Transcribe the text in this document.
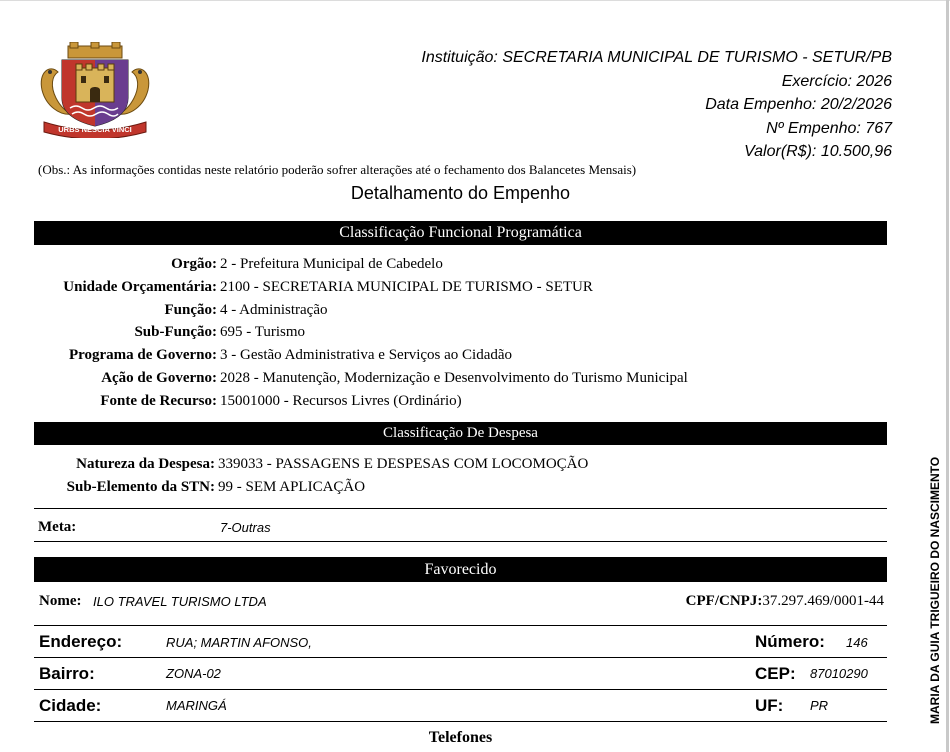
URBS NESCIA VINCI
Instituição: SECRETARIA MUNICIPAL DE TURISMO - SETUR/PB
Exercício: 2026
Data Empenho: 20/2/2026
Nº Empenho: 767
Valor(R$): 10.500,96
(Obs.: As informações contidas neste relatório poderão sofrer alterações até o fechamento dos Balancetes Mensais)
Detalhamento do Empenho
Classificação Funcional Programática
Orgão: 2 - Prefeitura Municipal de Cabedelo
Unidade Orçamentária: 2100 - SECRETARIA MUNICIPAL DE TURISMO - SETUR
Função: 4 - Administração
Sub-Função: 695 - Turismo
Programa de Governo: 3 - Gestão Administrativa e Serviços ao Cidadão
Ação de Governo: 2028 - Manutenção, Modernização e Desenvolvimento do Turismo Municipal
Fonte de Recurso: 15001000 - Recursos Livres (Ordinário)
Classificação De Despesa
Natureza da Despesa: 339033 - PASSAGENS E DESPESAS COM LOCOMOÇÃO
Sub-Elemento da STN: 99 - SEM APLICAÇÃO
Meta:	7-Outras
Favorecido
Nome: ILO TRAVEL TURISMO LTDA	CPF/CNPJ:37.297.469/0001-44
Endereço:	RUA; MARTIN AFONSO,	Número: 146
Bairro:	ZONA-02	CEP: 87010290
Cidade:	MARINGÁ	UF: PR
Telefones
MARIA DA GUIA TRIGUEIRO DO NASCIMENTO
